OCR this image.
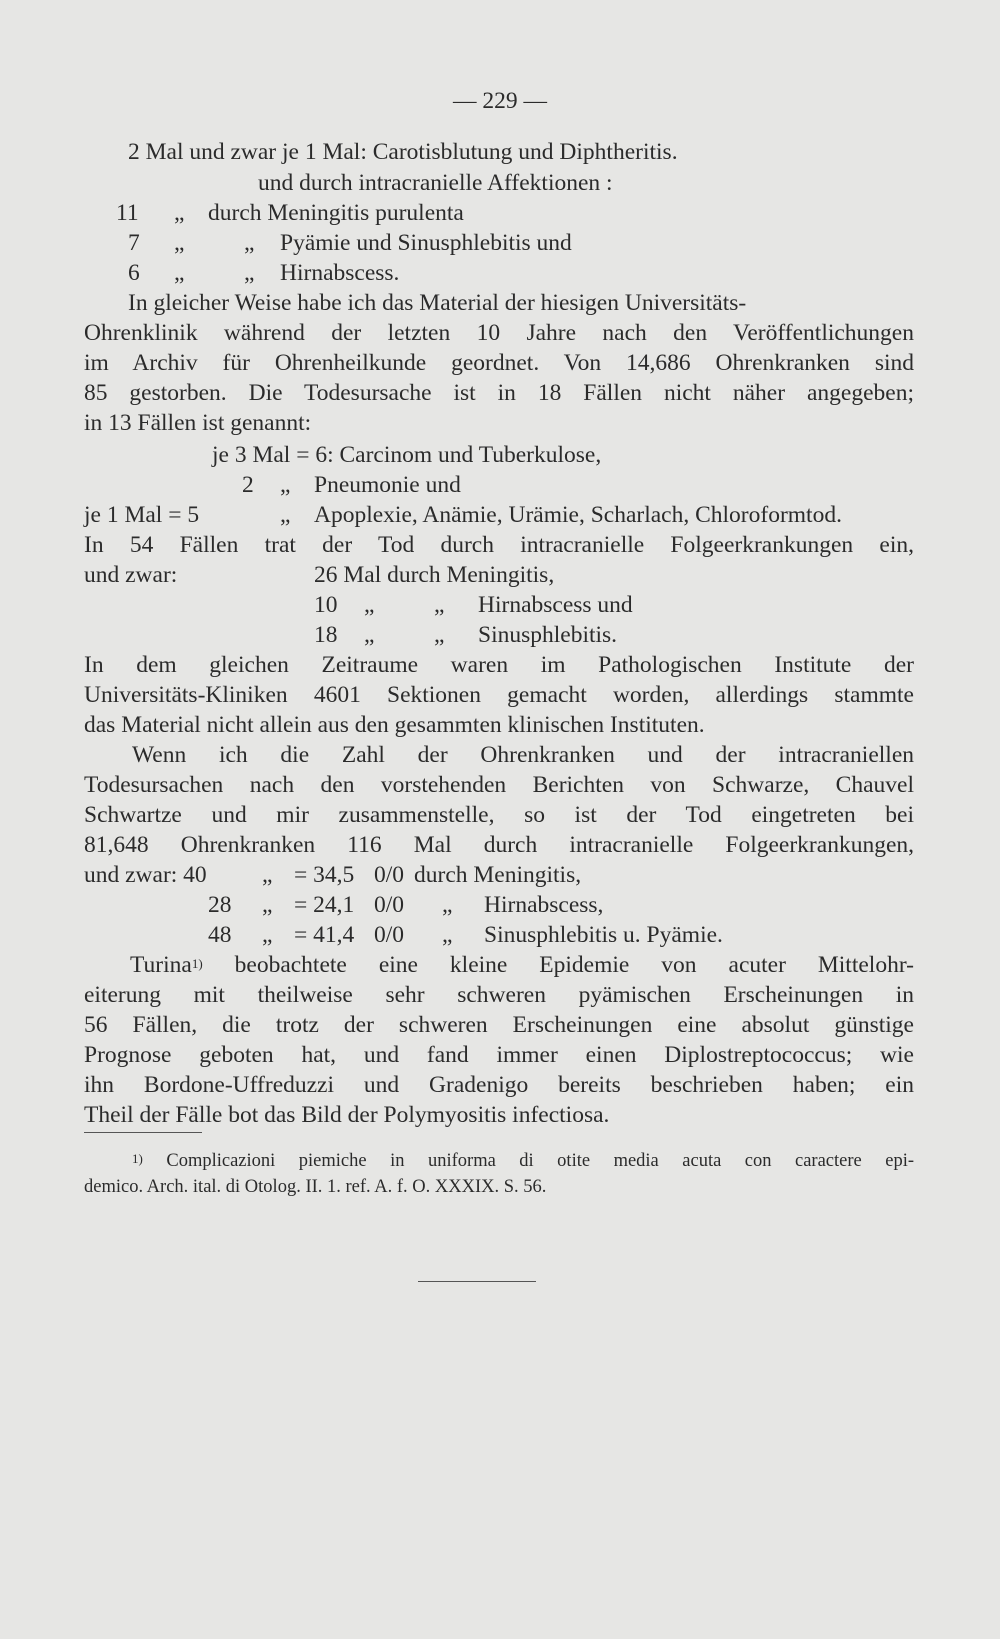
— 229 —
2 Mal und zwar je 1 Mal: Carotisblutung und Diphtheritis.
und durch intracranielle Affektionen :
11 „ durch Meningitis purulenta
7 „	„ Pyämie und Sinusphlebitis und
6 „	„ Hirnabscess.
In gleicher Weise habe ich das Material der hiesigen Universitäts-
Ohrenklinik während der letzten 10 Jahre nach den Veröffentlichungen
im Archiv für Ohrenheilkunde geordnet. Von 14,686 Ohrenkranken sind
85 gestorben. Die Todesursache ist in 18 Fällen nicht näher angegeben;
in 13 Fällen ist genannt:
je 3 Mal = 6: Carcinom und Tuberkulose,
2 „ Pneumonie und
je 1 Mal = 5	„ Apoplexie, Anämie, Urämie, Scharlach, Chloroformtod.
In 54 Fällen trat der Tod durch intracranielle Folgeerkrankungen ein,
und zwar:	26 Mal durch Meningitis,
10 „	„ Hirnabscess und
18 „	„ Sinusphlebitis.
In dem gleichen Zeitraume waren im Pathologischen Institute der
Universitäts-Kliniken 4601 Sektionen gemacht worden, allerdings stammte
das Material nicht allein aus den gesammten klinischen Instituten.
Wenn ich die Zahl der Ohrenkranken und der intracraniellen
Todesursachen nach den vorstehenden Berichten von Schwarze, Chauvel
Schwartze und mir zusammenstelle, so ist der Tod eingetreten bei
81,648 Ohrenkranken 116 Mal durch intracranielle Folgeerkrankungen,
und zwar: 40 „ = 34,5 0/0 durch Meningitis,
28 „ = 24,1 0/0 „ Hirnabscess,
48 „ = 41,4 0/0 „ Sinusphlebitis u. Pyämie.
Turina$^{1)}$ beobachtete eine kleine Epidemie von acuter Mittelohr-
eiterung mit theilweise sehr schweren pyämischen Erscheinungen in
56 Fällen, die trotz der schweren Erscheinungen eine absolut günstige
Prognose geboten hat, und fand immer einen Diplostreptococcus; wie
ihn Bordone-Uffreduzzi und Gradenigo bereits beschrieben haben; ein
Theil der Fälle bot das Bild der Polymyositis infectiosa.
$^{1)}$ Complicazioni piemiche in uniforma di otite media acuta con caractere epi-
demico. Arch. ital. di Otolog. II. 1. ref. A. f. O. XXXIX. S. 56.
